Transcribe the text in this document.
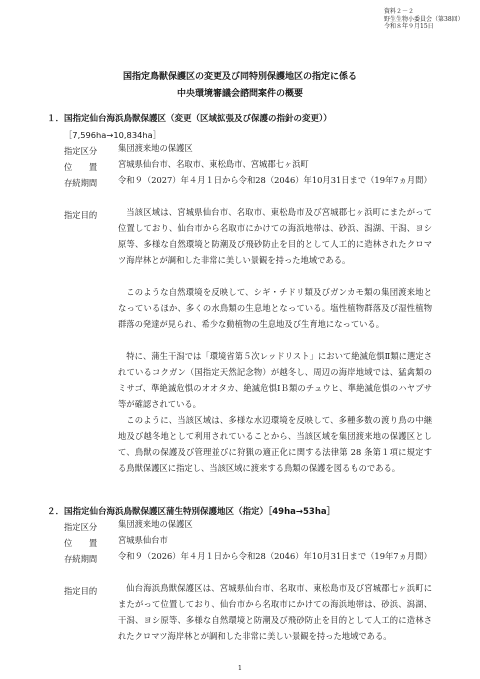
資料２－２
野生生物小委員会（第38回）
令和８年９月15日
国指定鳥獣保護区の変更及び同特別保護地区の指定に係る
中央環境審議会諮問案件の概要
１．国指定仙台海浜鳥獣保護区（変更（区域拡張及び保護の指針の変更））
［7,596ha→10,834ha］
指定区分	集団渡来地の保護区
位　　置	宮城県仙台市、名取市、東松島市、宮城郡七ヶ浜町
存続期間	令和９（2027）年４月１日から令和28（2046）年10月31日まで（19年7ヵ月間）
指定目的	当該区域は、宮城県仙台市、名取市、東松島市及び宮城郡七ヶ浜町にまたがって位置しており、仙台市から名取市にかけての海浜地帯は、砂浜、潟湖、干潟、ヨシ原等、多様な自然環境と防潮及び飛砂防止を目的として人工的に造林されたクロマツ海岸林とが調和した非常に美しい景観を持った地域である。
このような自然環境を反映して、シギ・チドリ類及びガンカモ類の集団渡来地となっているほか、多くの水鳥類の生息地となっている。塩性植物群落及び湿性植物群落の発達が見られ、希少な動植物の生息地及び生育地になっている。
特に、蒲生干潟では「環境省第５次レッドリスト」において絶滅危惧Ⅱ類に選定されているコクガン（国指定天然記念物）が越冬し、周辺の海岸地域では、猛禽類のミサゴ、準絶滅危惧のオオタカ、絶滅危惧ⅠＢ類のチュウヒ、準絶滅危惧のハヤブサ等が確認されている。
このように、当該区域は、多様な水辺環境を反映して、多種多数の渡り鳥の中継地及び越冬地として利用されていることから、当該区域を集団渡来地の保護区として、鳥獣の保護及び管理並びに狩猟の適正化に関する法律第 28 条第１項に規定する鳥獣保護区に指定し、当該区域に渡来する鳥類の保護を図るものである。
２．国指定仙台海浜鳥獣保護区蒲生特別保護地区（指定）［49ha→53ha］
指定区分	集団渡来地の保護区
位　　置	宮城県仙台市
存続期間	令和９（2026）年４月１日から令和28（2046）年10月31日まで（19年7ヵ月間）
指定目的	仙台海浜鳥獣保護区は、宮城県仙台市、名取市、東松島市及び宮城郡七ヶ浜町にまたがって位置しており、仙台市から名取市にかけての海浜地帯は、砂浜、潟湖、干潟、ヨシ原等、多様な自然環境と防潮及び飛砂防止を目的として人工的に造林されたクロマツ海岸林とが調和した非常に美しい景観を持った地域である。
1
